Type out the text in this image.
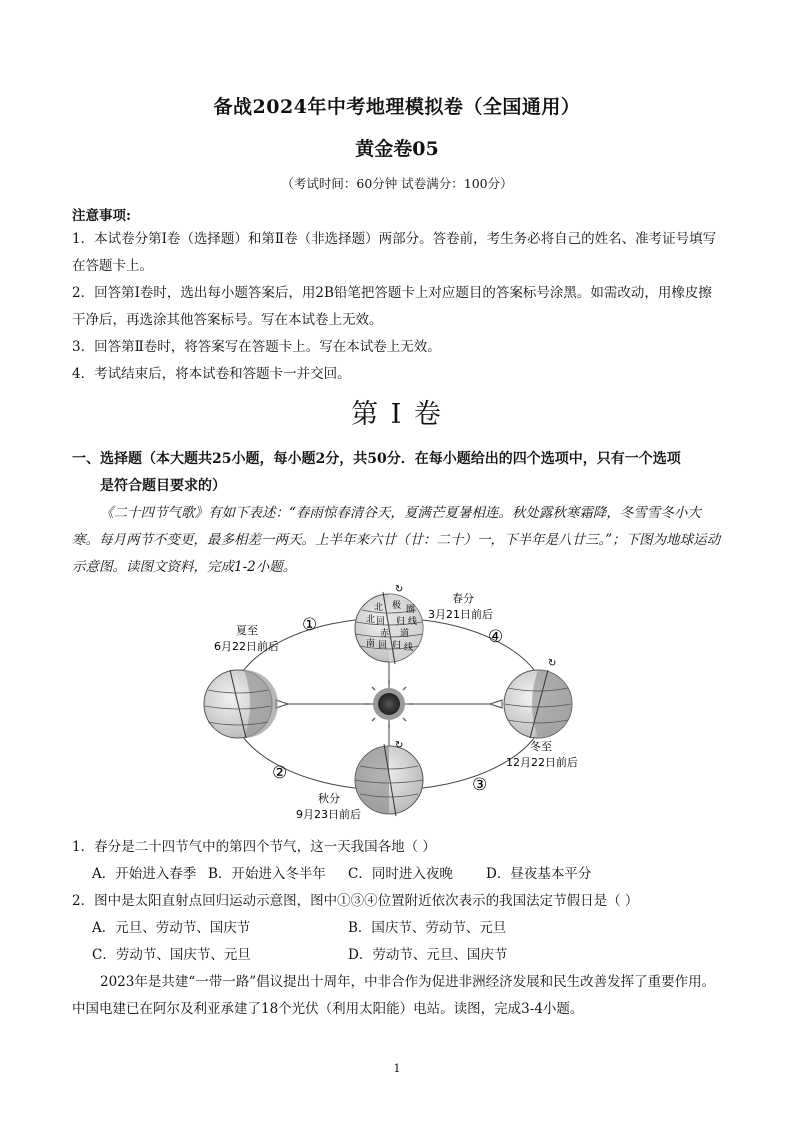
备战2024年中考地理模拟卷（全国通用）
黄金卷05
（考试时间：60分钟 试卷满分：100分）
注意事项:
1．本试卷分第Ⅰ卷（选择题）和第Ⅱ卷（非选择题）两部分。答卷前，考生务必将自己的姓名、准考证号填写在答题卡上。
2．回答第Ⅰ卷时，选出每小题答案后，用2B铅笔把答题卡上对应题目的答案标号涂黑。如需改动，用橡皮擦干净后，再选涂其他答案标号。写在本试卷上无效。
3．回答第Ⅱ卷时，将答案写在答题卡上。写在本试卷上无效。
4．考试结束后，将本试卷和答题卡一并交回。
第 I 卷
一、选择题（本大题共25小题，每小题2分，共50分．在每小题给出的四个选项中，只有一个选项
是符合题目要求的）
《二十四节气歌》有如下表述：“春雨惊春清谷天，夏满芒夏暑相连。秋处露秋寒霜降，冬雪雪冬小大寒。每月两节不变更，最多相差一两天。上半年来六廿（廿：二十）一，下半年是八廿三。”；下图为地球运动示意图。读图文资料，完成1-2小题。
北 极 圈
北 回 归 线
赤 道
南 回 归 线
↻
↻
↻
春分
3月21日前后
夏至
6月22日前后
冬至
12月22日前后
秋分
9月23日前后
①
④
②
③
1．春分是二十四节气中的第四个节气，这一天我国各地（ ）
A．开始进入春季 B．开始进入冬半年 C．同时进入夜晚 D．昼夜基本平分
2．图中是太阳直射点回归运动示意图，图中①③④位置附近依次表示的我国法定节假日是（ ）
A．元旦、劳动节、国庆节	B．国庆节、劳动节、元旦
C．劳动节、国庆节、元旦	D．劳动节、元旦、国庆节
2023年是共建“一带一路”倡议提出十周年，中非合作为促进非洲经济发展和民生改善发挥了重要作用。中国电建已在阿尔及利亚承建了18个光伏（利用太阳能）电站。读图，完成3-4小题。
1
